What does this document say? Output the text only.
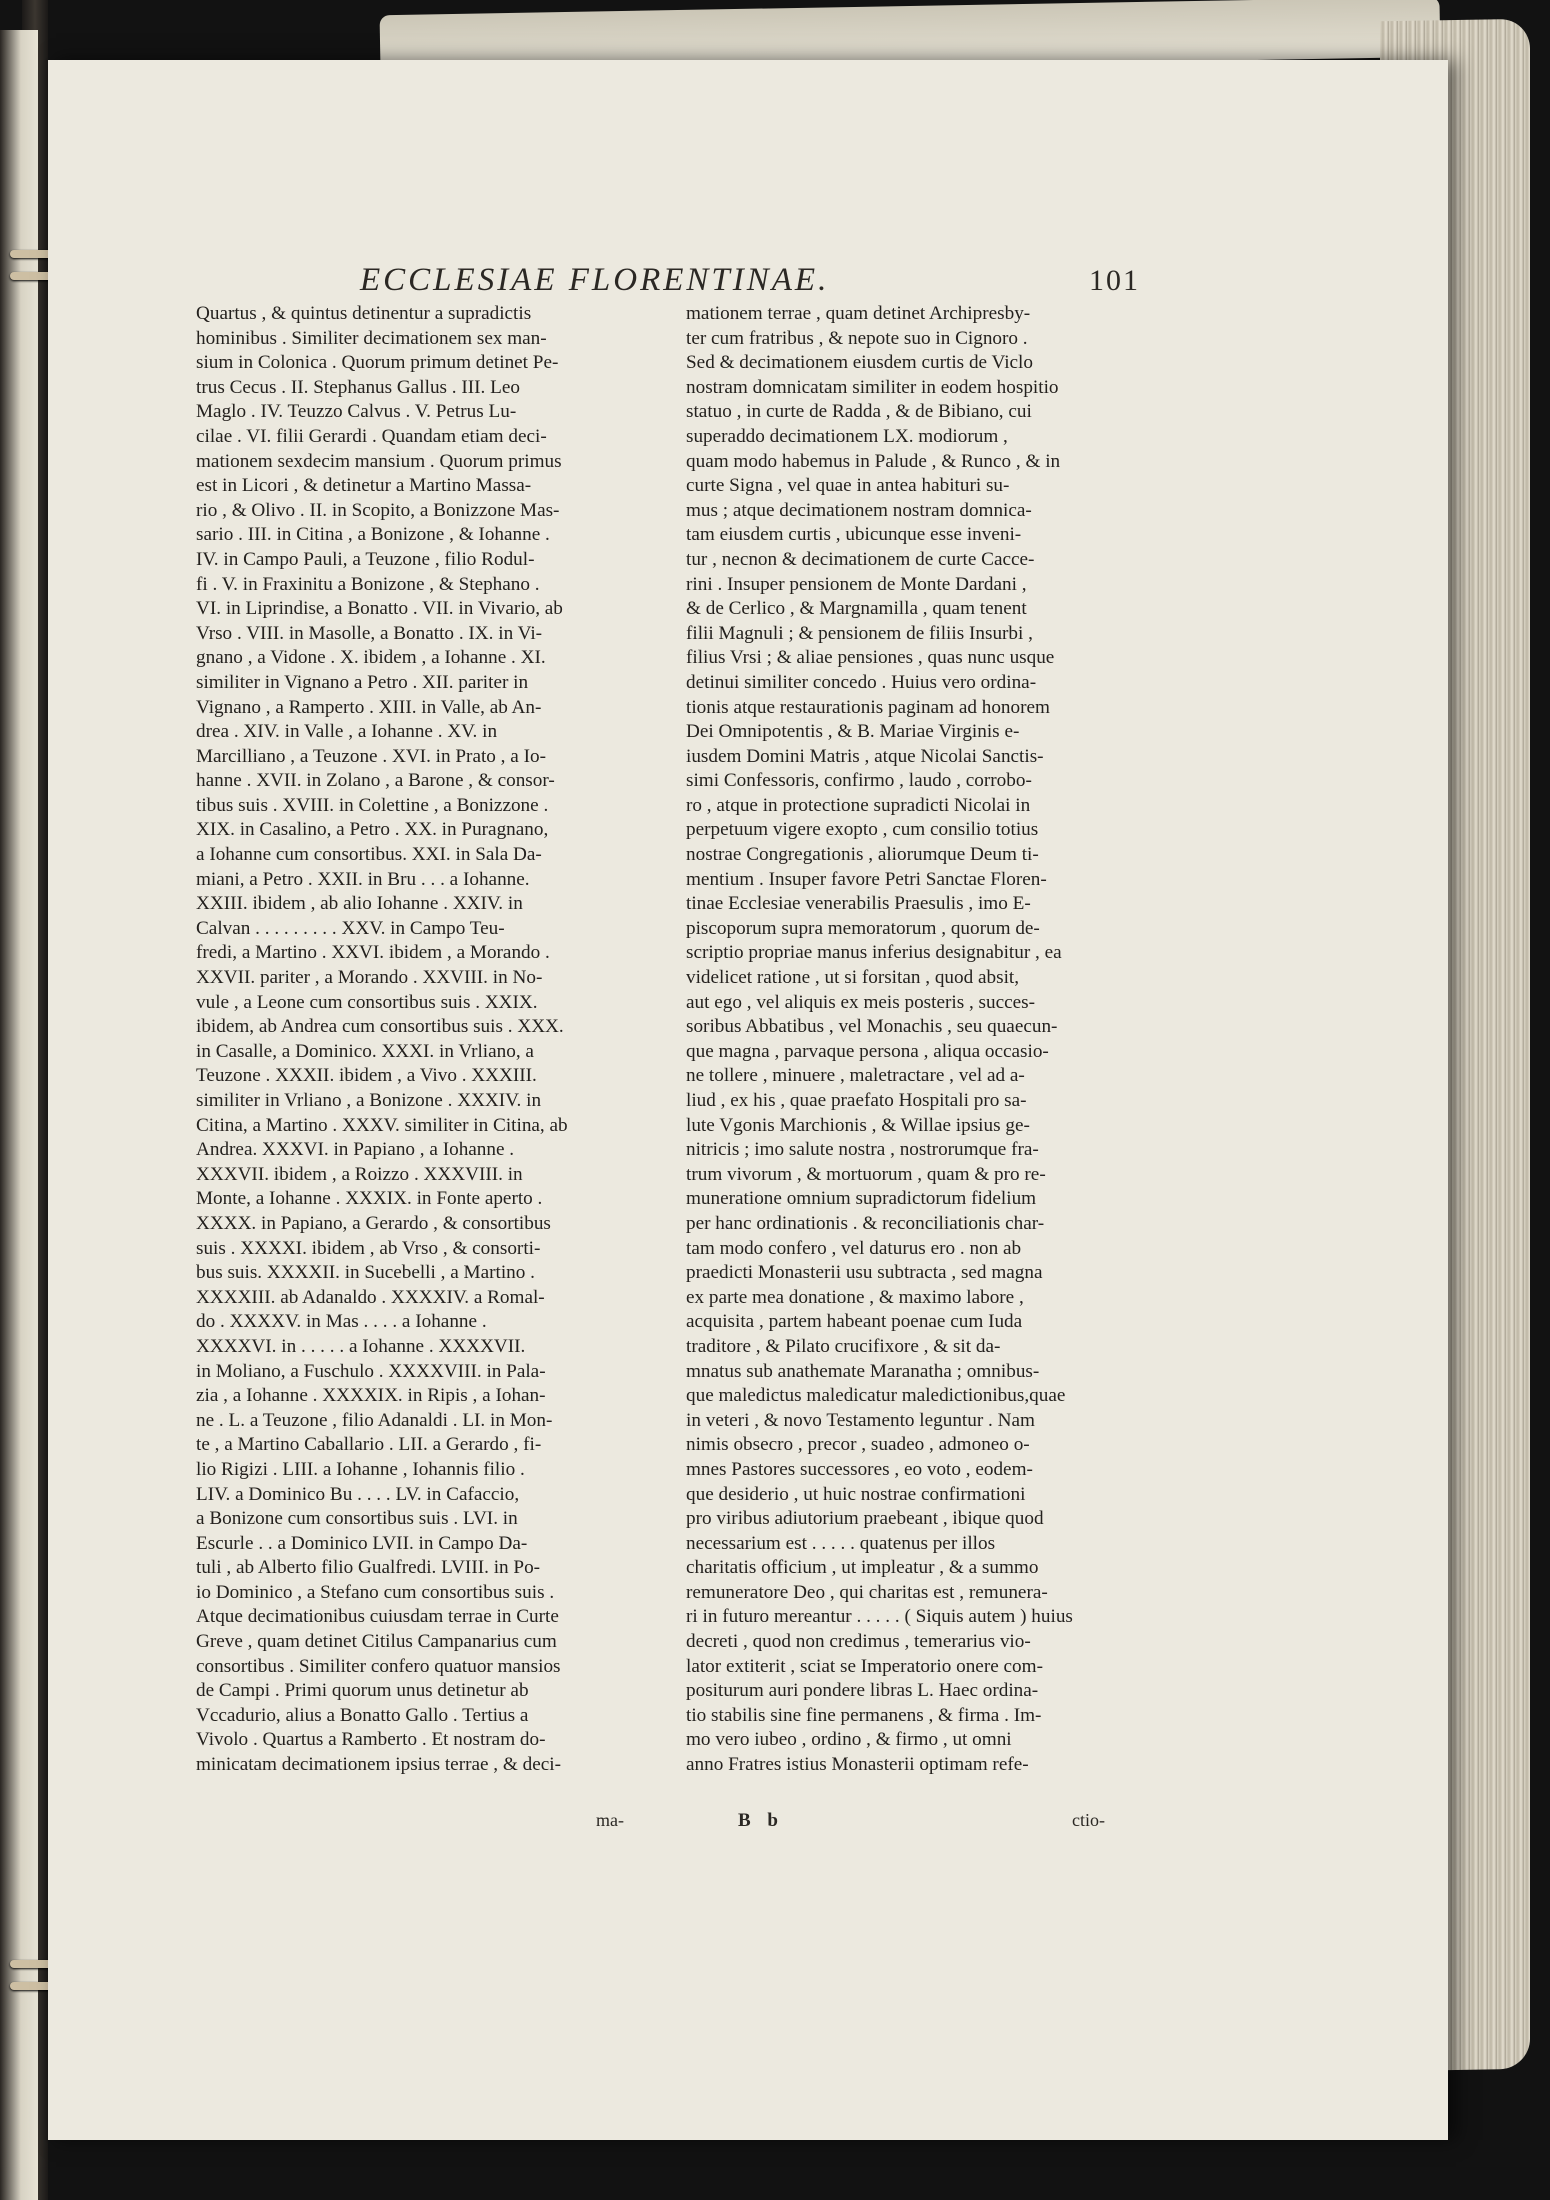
ECCLESIAE FLORENTINAE.	101
Quartus , & quintus detinentur a supradictis
hominibus . Similiter decimationem sex man-
sium in Colonica . Quorum primum detinet Pe-
trus Cecus . II. Stephanus Gallus . III. Leo
Maglo . IV. Teuzzo Calvus . V. Petrus Lu-
cilae . VI. filii Gerardi . Quandam etiam deci-
mationem sexdecim mansium . Quorum primus
est in Licori , & detinetur a Martino Massa-
rio , & Olivo . II. in Scopito, a Bonizzone Mas-
sario . III. in Citina , a Bonizone , & Iohanne .
IV. in Campo Pauli, a Teuzone , filio Rodul-
fi . V. in Fraxinitu a Bonizone , & Stephano .
VI. in Liprindise, a Bonatto . VII. in Vivario, ab
Vrso . VIII. in Masolle, a Bonatto . IX. in Vi-
gnano , a Vidone . X. ibidem , a Iohanne . XI.
similiter in Vignano a Petro . XII. pariter in
Vignano , a Ramperto . XIII. in Valle, ab An-
drea . XIV. in Valle , a Iohanne . XV. in
Marcilliano , a Teuzone . XVI. in Prato , a Io-
hanne . XVII. in Zolano , a Barone , & consor-
tibus suis . XVIII. in Colettine , a Bonizzone .
XIX. in Casalino, a Petro . XX. in Puragnano,
a Iohanne cum consortibus. XXI. in Sala Da-
miani, a Petro . XXII. in Bru . . . a Iohanne.
XXIII. ibidem , ab alio Iohanne . XXIV. in
Calvan . . . . . . . . . XXV. in Campo Teu-
fredi, a Martino . XXVI. ibidem , a Morando .
XXVII. pariter , a Morando . XXVIII. in No-
vule , a Leone cum consortibus suis . XXIX.
ibidem, ab Andrea cum consortibus suis . XXX.
in Casalle, a Dominico. XXXI. in Vrliano, a
Teuzone . XXXII. ibidem , a Vivo . XXXIII.
similiter in Vrliano , a Bonizone . XXXIV. in
Citina, a Martino . XXXV. similiter in Citina, ab
Andrea. XXXVI. in Papiano , a Iohanne .
XXXVII. ibidem , a Roizzo . XXXVIII. in
Monte, a Iohanne . XXXIX. in Fonte aperto .
XXXX. in Papiano, a Gerardo , & consortibus
suis . XXXXI. ibidem , ab Vrso , & consorti-
bus suis. XXXXII. in Sucebelli , a Martino .
XXXXIII. ab Adanaldo . XXXXIV. a Romal-
do . XXXXV. in Mas . . . . a Iohanne .
XXXXVI. in . . . . . a Iohanne . XXXXVII.
in Moliano, a Fuschulo . XXXXVIII. in Pala-
zia , a Iohanne . XXXXIX. in Ripis , a Iohan-
ne . L. a Teuzone , filio Adanaldi . LI. in Mon-
te , a Martino Caballario . LII. a Gerardo , fi-
lio Rigizi . LIII. a Iohanne , Iohannis filio .
LIV. a Dominico Bu . . . . LV. in Cafaccio,
a Bonizone cum consortibus suis . LVI. in
Escurle . . a Dominico LVII. in Campo Da-
tuli , ab Alberto filio Gualfredi. LVIII. in Po-
io Dominico , a Stefano cum consortibus suis .
Atque decimationibus cuiusdam terrae in Curte
Greve , quam detinet Citilus Campanarius cum
consortibus . Similiter confero quatuor mansios
de Campi . Primi quorum unus detinetur ab
Vccadurio, alius a Bonatto Gallo . Tertius a
Vivolo . Quartus a Ramberto . Et nostram do-
minicatam decimationem ipsius terrae , & deci-
mationem terrae , quam detinet Archipresby-
ter cum fratribus , & nepote suo in Cignoro .
Sed & decimationem eiusdem curtis de Viclo
nostram domnicatam similiter in eodem hospitio
statuo , in curte de Radda , & de Bibiano, cui
superaddo decimationem LX. modiorum ,
quam modo habemus in Palude , & Runco , & in
curte Signa , vel quae in antea habituri su-
mus ; atque decimationem nostram domnica-
tam eiusdem curtis , ubicunque esse inveni-
tur , necnon & decimationem de curte Cacce-
rini . Insuper pensionem de Monte Dardani ,
& de Cerlico , & Margnamilla , quam tenent
filii Magnuli ; & pensionem de filiis Insurbi ,
filius Vrsi ; & aliae pensiones , quas nunc usque
detinui similiter concedo . Huius vero ordina-
tionis atque restaurationis paginam ad honorem
Dei Omnipotentis , & B. Mariae Virginis e-
iusdem Domini Matris , atque Nicolai Sanctis-
simi Confessoris, confirmo , laudo , corrobo-
ro , atque in protectione supradicti Nicolai in
perpetuum vigere exopto , cum consilio totius
nostrae Congregationis , aliorumque Deum ti-
mentium . Insuper favore Petri Sanctae Floren-
tinae Ecclesiae venerabilis Praesulis , imo E-
piscoporum supra memoratorum , quorum de-
scriptio propriae manus inferius designabitur , ea
videlicet ratione , ut si forsitan , quod absit,
aut ego , vel aliquis ex meis posteris , succes-
soribus Abbatibus , vel Monachis , seu quaecun-
que magna , parvaque persona , aliqua occasio-
ne tollere , minuere , maletractare , vel ad a-
liud , ex his , quae praefato Hospitali pro sa-
lute Vgonis Marchionis , & Willae ipsius ge-
nitricis ; imo salute nostra , nostrorumque fra-
trum vivorum , & mortuorum , quam & pro re-
muneratione omnium supradictorum fidelium
per hanc ordinationis . & reconciliationis char-
tam modo confero , vel daturus ero . non ab
praedicti Monasterii usu subtracta , sed magna
ex parte mea donatione , & maximo labore ,
acquisita , partem habeant poenae cum Iuda
traditore , & Pilato crucifixore , & sit da-
mnatus sub anathemate Maranatha ; omnibus-
que maledictus maledicatur maledictionibus,quae
in veteri , & novo Testamento leguntur . Nam
nimis obsecro , precor , suadeo , admoneo o-
mnes Pastores successores , eo voto , eodem-
que desiderio , ut huic nostrae confirmationi
pro viribus adiutorium praebeant , ibique quod
necessarium est . . . . . quatenus per illos
charitatis officium , ut impleatur , & a summo
remuneratore Deo , qui charitas est , remunera-
ri in futuro mereantur . . . . . ( Siquis autem ) huius
decreti , quod non credimus , temerarius vio-
lator extiterit , sciat se Imperatorio onere com-
positurum auri pondere libras L. Haec ordina-
tio stabilis sine fine permanens , & firma . Im-
mo vero iubeo , ordino , & firmo , ut omni
anno Fratres istius Monasterii optimam refe-
ma-	B b	ctio-
